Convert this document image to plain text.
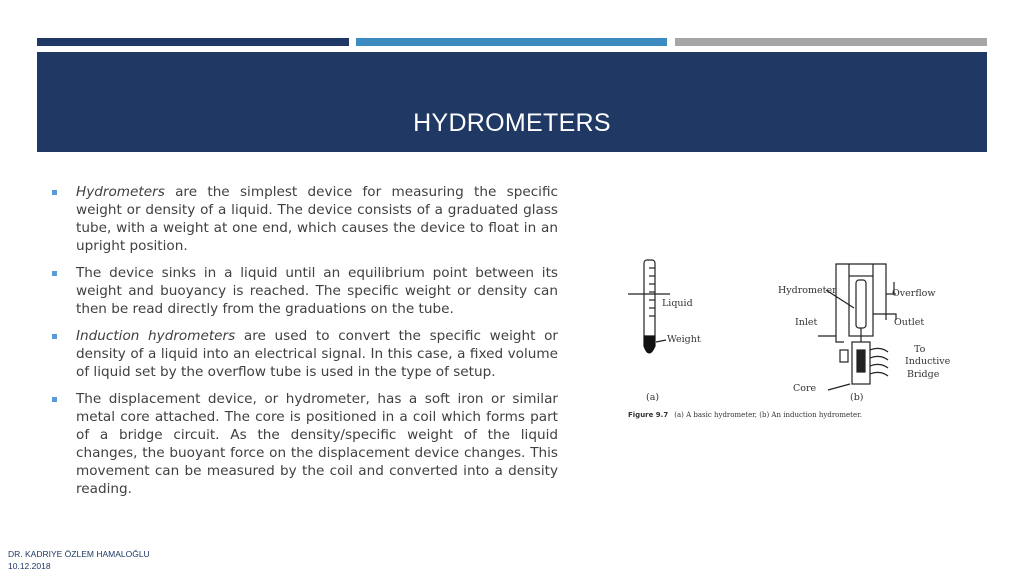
HYDROMETERS
Hydrometers are the simplest device for measuring the specific weight or density of a liquid. The device consists of a graduated glass tube, with a weight at one end, which causes the device to float in an upright position.
The device sinks in a liquid until an equilibrium point between its weight and buoyancy is reached. The specific weight or density can then be read directly from the graduations on the tube.
Induction hydrometers are used to convert the specific weight or density of a liquid into an electrical signal. In this case, a fixed volume of liquid set by the overflow tube is used in the type of setup.
The displacement device, or hydrometer, has a soft iron or similar metal core attached. The core is positioned in a coil which forms part of a bridge circuit. As the density/specific weight of the liquid changes, the buoyant force on the displacement device changes. This movement can be measured by the coil and converted into a density reading.
Liquid
Weight
(a)
Hydrometer	Overflow
Inlet	Outlet
To
Inductive
Bridge
Core
(b)
Figure 9.7 (a) A basic hydrometer, (b) An induction hydrometer.
DR. KADRIYE ÖZLEM HAMALOĞLU
10.12.2018
